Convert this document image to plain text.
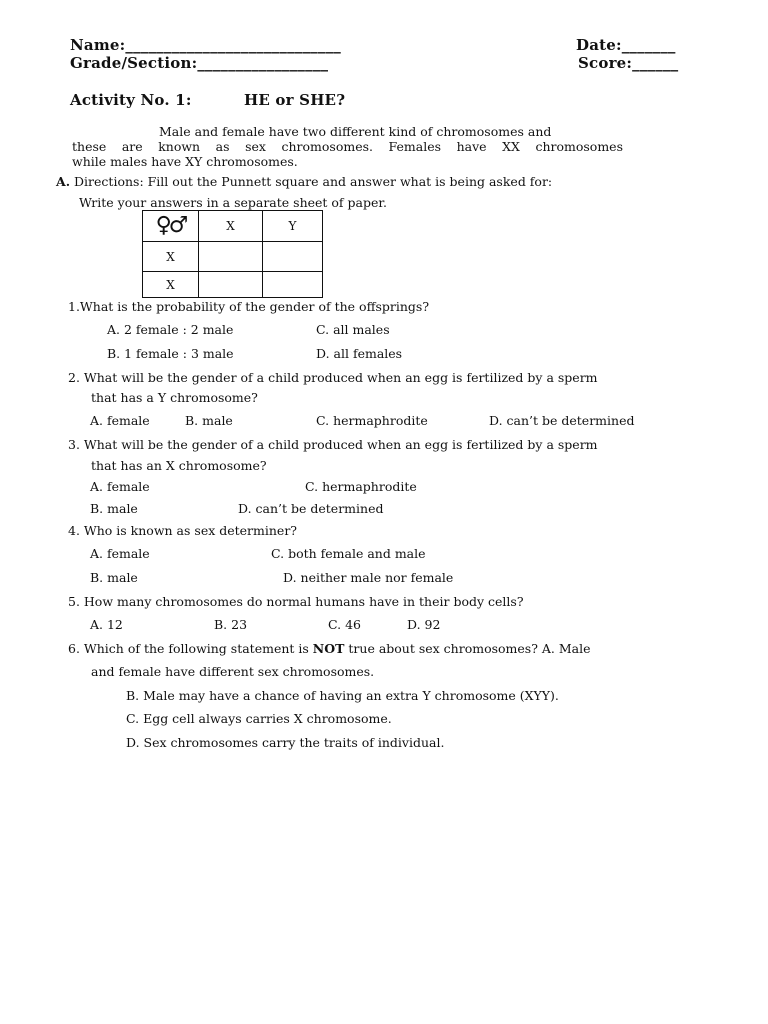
Name:____________________________	Date:_______
Grade/Section:_________________	Score:______
Activity No. 1:	HE or SHE?
Male and female have two different kind of chromosomes and
these are known as sex chromosomes. Females have XX chromosomes
while males have XY chromosomes.
A. Directions: Fill out the Punnett square and answer what is being asked for:
Write your answers in a separate sheet of paper.
♀♂	X	Y
X		
X		
1.What is the probability of the gender of the offsprings?
A. 2 female : 2 male	C. all males
B. 1 female : 3 male	D. all females
2. What will be the gender of a child produced when an egg is fertilized by a sperm
that has a Y chromosome?
A. female	B. male	C. hermaphrodite	D. can’t be determined
3. What will be the gender of a child produced when an egg is fertilized by a sperm
that has an X chromosome?
A. female	C. hermaphrodite
B. male	D. can’t be determined
4. Who is known as sex determiner?
A. female	C. both female and male
B. male	D. neither male nor female
5. How many chromosomes do normal humans have in their body cells?
A. 12	B. 23	C. 46	D. 92
6. Which of the following statement is NOT true about sex chromosomes? A. Male
and female have different sex chromosomes.
B. Male may have a chance of having an extra Y chromosome (XYY).
C. Egg cell always carries X chromosome.
D. Sex chromosomes carry the traits of individual.
